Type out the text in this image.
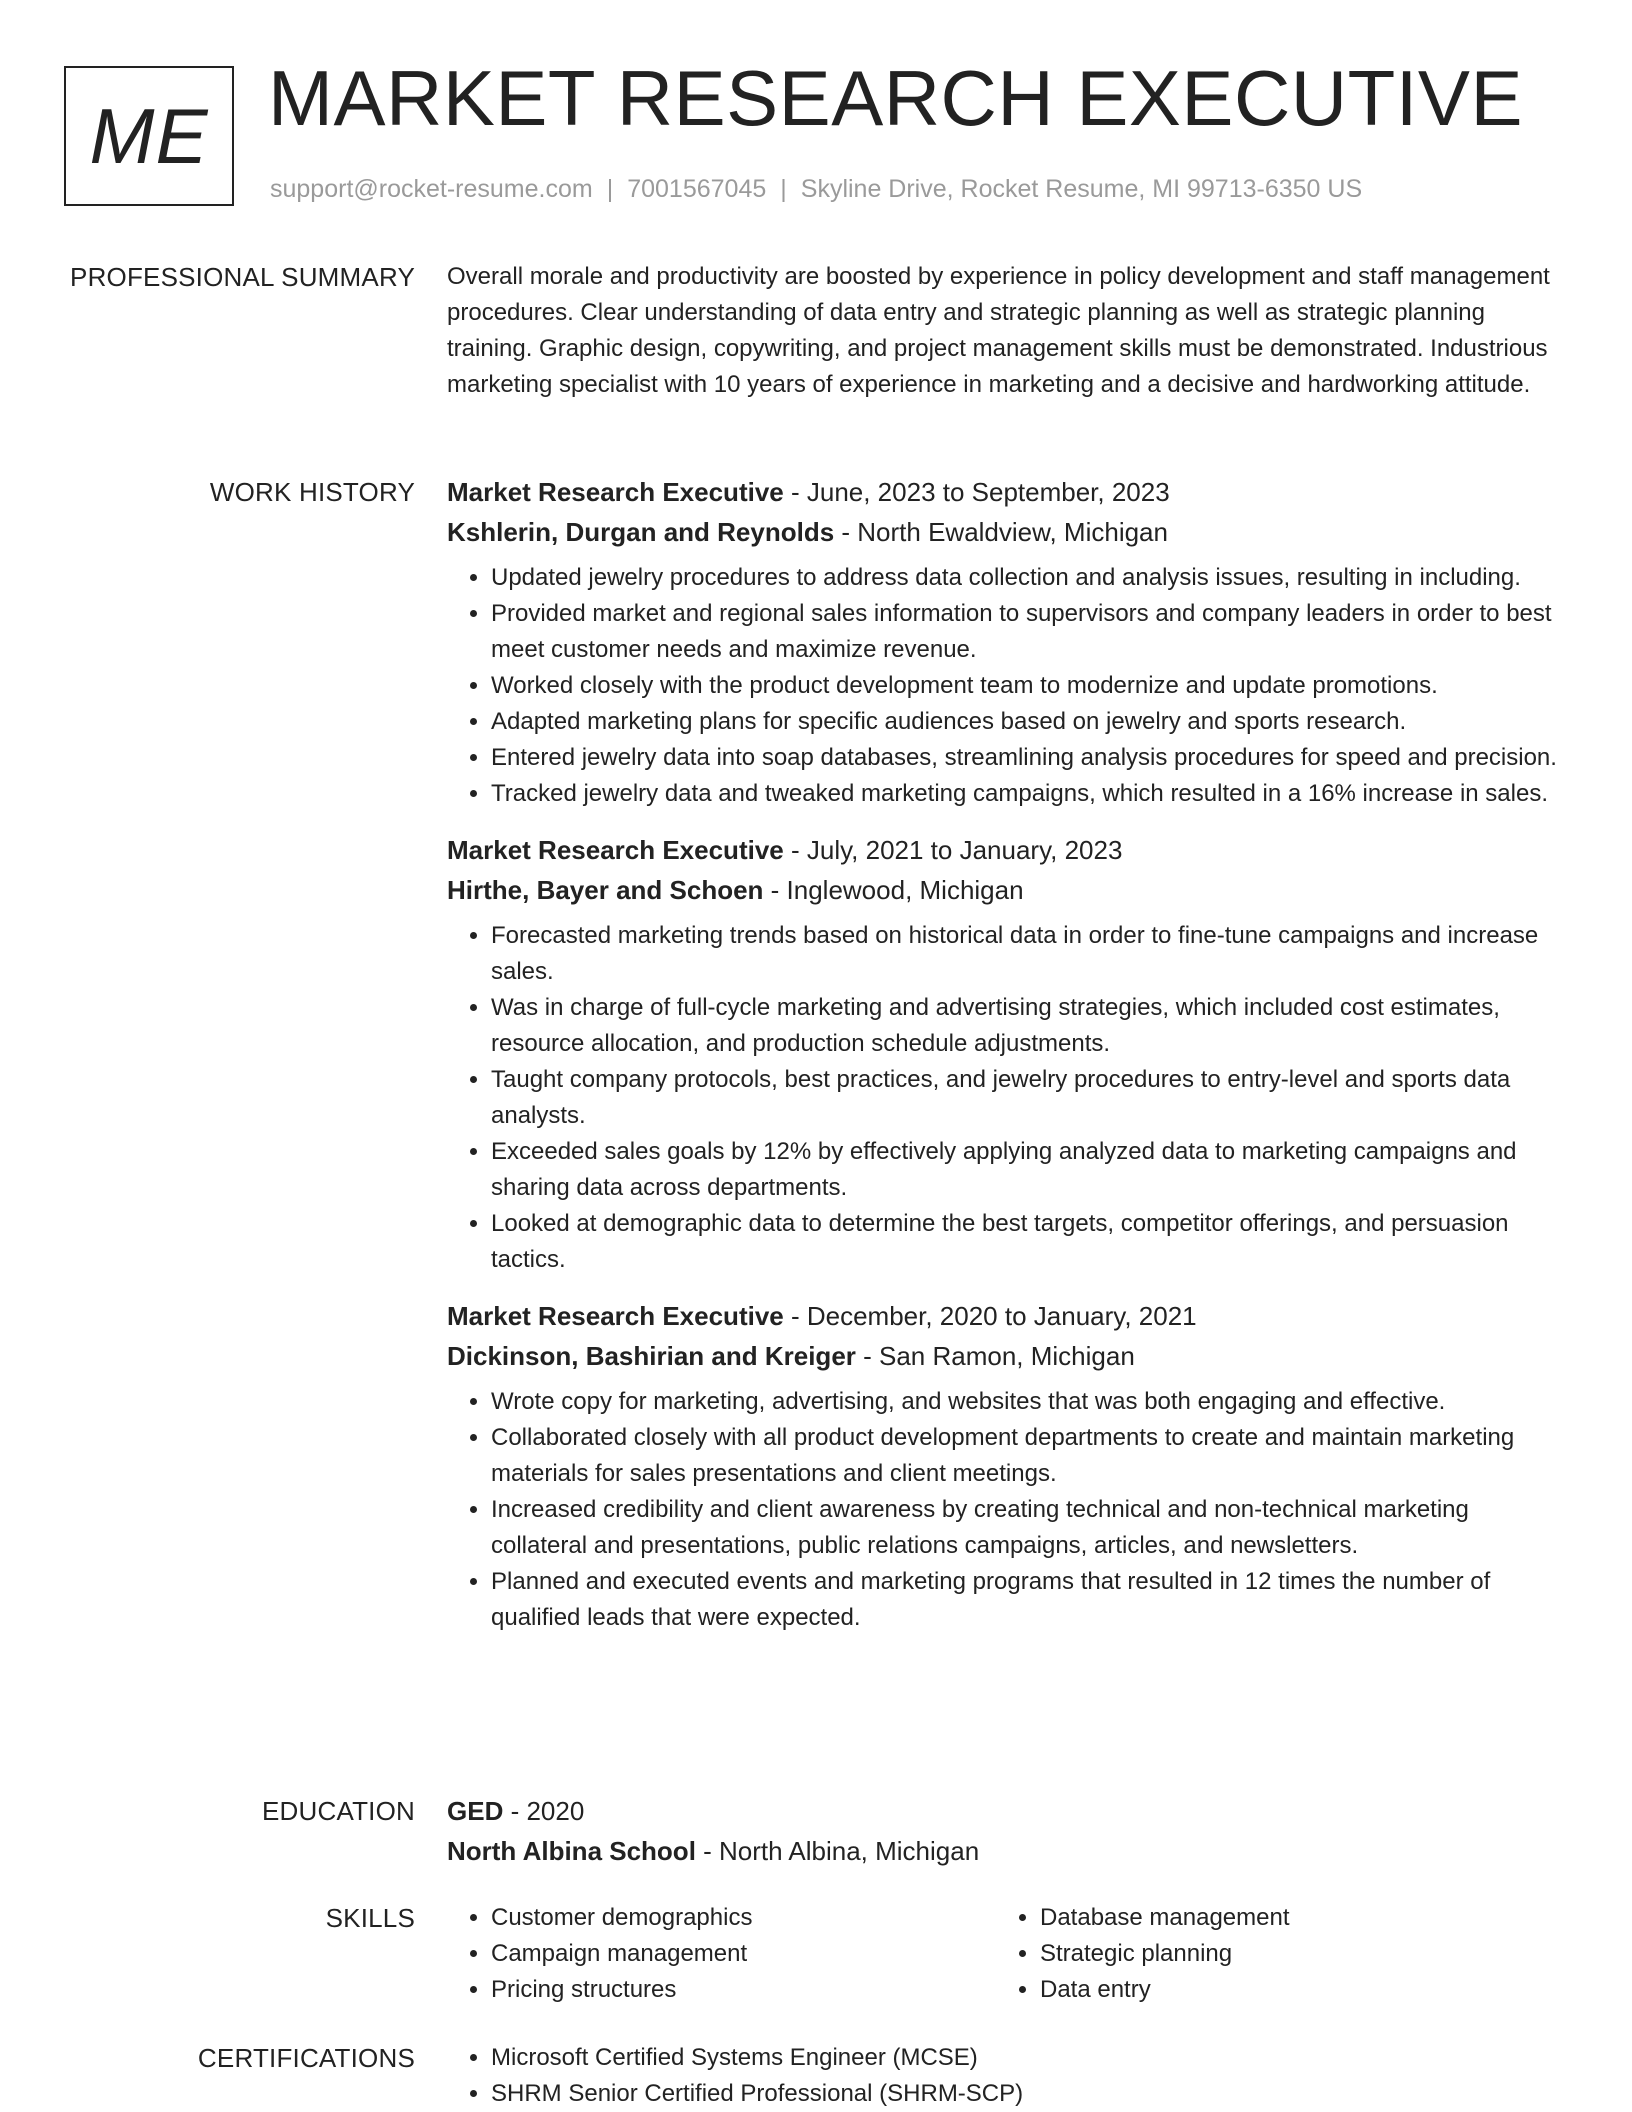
ME MARKET RESEARCH EXECUTIVE
support@rocket-resume.com | 7001567045 | Skyline Drive, Rocket Resume, MI 99713-6350 US
PROFESSIONAL SUMMARY Overall morale and productivity are boosted by experience in policy development and staff management procedures. Clear understanding of data entry and strategic planning as well as strategic planning training. Graphic design, copywriting, and project management skills must be demonstrated. Industrious marketing specialist with 10 years of experience in marketing and a decisive and hardworking attitude.
WORK HISTORY Market Research Executive - June, 2023 to September, 2023
Kshlerin, Durgan and Reynolds - North Ewaldview, Michigan
• Updated jewelry procedures to address data collection and analysis issues, resulting in including.
• Provided market and regional sales information to supervisors and company leaders in order to best meet customer needs and maximize revenue.
• Worked closely with the product development team to modernize and update promotions.
• Adapted marketing plans for specific audiences based on jewelry and sports research.
• Entered jewelry data into soap databases, streamlining analysis procedures for speed and precision.
• Tracked jewelry data and tweaked marketing campaigns, which resulted in a 16% increase in sales.
Market Research Executive - July, 2021 to January, 2023
Hirthe, Bayer and Schoen - Inglewood, Michigan
• Forecasted marketing trends based on historical data in order to fine-tune campaigns and increase sales.
• Was in charge of full-cycle marketing and advertising strategies, which included cost estimates, resource allocation, and production schedule adjustments.
• Taught company protocols, best practices, and jewelry procedures to entry-level and sports data analysts.
• Exceeded sales goals by 12% by effectively applying analyzed data to marketing campaigns and sharing data across departments.
• Looked at demographic data to determine the best targets, competitor offerings, and persuasion tactics.
Market Research Executive - December, 2020 to January, 2021
Dickinson, Bashirian and Kreiger - San Ramon, Michigan
• Wrote copy for marketing, advertising, and websites that was both engaging and effective.
• Collaborated closely with all product development departments to create and maintain marketing materials for sales presentations and client meetings.
• Increased credibility and client awareness by creating technical and non-technical marketing collateral and presentations, public relations campaigns, articles, and newsletters.
• Planned and executed events and marketing programs that resulted in 12 times the number of qualified leads that were expected.
EDUCATION GED - 2020
North Albina School - North Albina, Michigan
SKILLS	• Customer demographics
• Campaign management
• Pricing structures
• Database management
• Strategic planning
• Data entry
CERTIFICATIONS	• Microsoft Certified Systems Engineer (MCSE)
• SHRM Senior Certified Professional (SHRM-SCP)
